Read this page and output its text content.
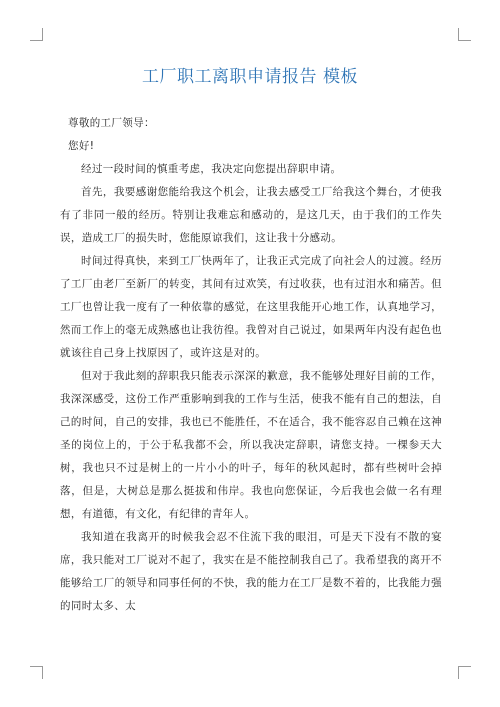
工厂职工离职申请报告 模板

尊敬的工厂领导：

您好!

经过一段时间的慎重考虑，我决定向您提出辞职申请。

首先，我要感谢您能给我这个机会，让我去感受工厂给我这个舞台，才使我有了非同一般的经历。特别让我难忘和感动的，是这几天，由于我们的工作失误，造成工厂的损失时，您能原谅我们，这让我十分感动。

时间过得真快，来到工厂快两年了，让我正式完成了向社会人的过渡。经历了工厂由老厂至新厂的转变，其间有过欢笑，有过收获，也有过泪水和痛苦。但工厂也曾让我一度有了一种依靠的感觉，在这里我能开心地工作，认真地学习，然而工作上的毫无成熟感也让我彷徨。我曾对自己说过，如果两年内没有起色也就该往自己身上找原因了，或许这是对的。

但对于我此刻的辞职我只能表示深深的歉意，我不能够处理好目前的工作，我深深感受，这份工作严重影响到我的工作与生活，使我不能有自己的想法，自己的时间，自己的安排，我也已不能胜任，不在适合，我不能容忍自己赖在这神圣的岗位上的，于公于私我都不会，所以我决定辞职，请您支持。一棵参天大树，我也只不过是树上的一片小小的叶子，每年的秋风起时，都有些树叶会掉落，但是，大树总是那么挺拔和伟岸。我也向您保证，今后我也会做一名有理想，有道德，有文化，有纪律的青年人。

我知道在我离开的时候我会忍不住流下我的眼泪，可是天下没有不散的宴席，我只能对工厂说对不起了，我实在是不能控制我自己了。我希望我的离开不能够给工厂的领导和同事任何的不快，我的能力在工厂是数不着的，比我能力强的同时太多、太
